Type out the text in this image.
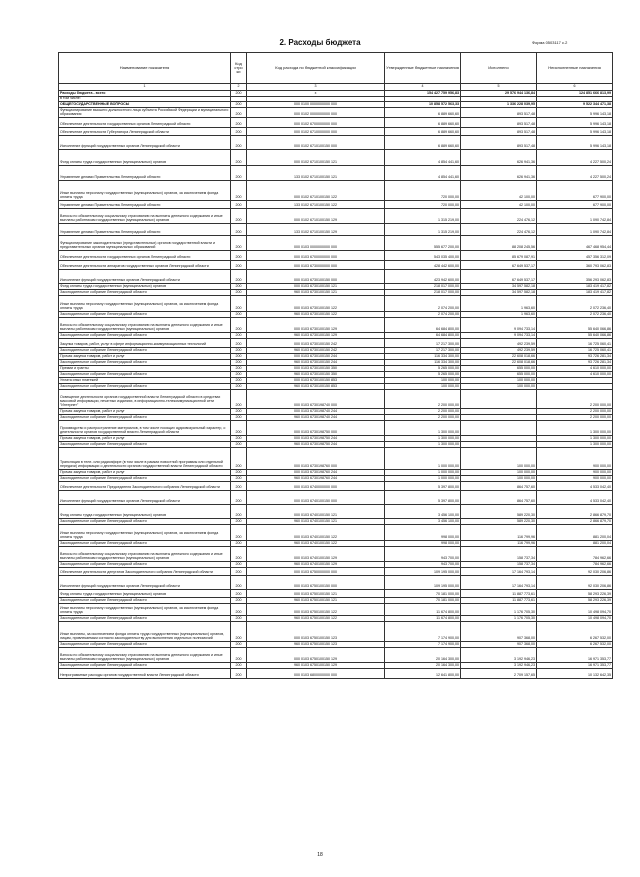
2. Расходы бюджета	Форма 0503117 с.2
Наименование показателя	Код стро ки	Код расхода по бюджетной классификации	Утвержденные бюджетные назначения	Исполнено	Неисполненные назначения
1	2	3	4	5	6
Расходы бюджета - всего	200	x	154 427 759 956,83	29 576 944 136,84	124 851 666 813,99
в том числе:					
ОБЩЕГОСУДАРСТВЕННЫЕ ВОПРОСЫ	200	000 0100 0000000000 000	10 858 572 563,33	1 336 228 039,95	9 522 344 471,38
Функционирование высшего должностного лица субъекта Российской Федерации и муниципального образования	200	000 0102 0000000000 000	6 889 660,60	893 517,48	5 996 143,18
Обеспечение деятельности государственных органов Ленинградской области	200	000 0102 6700000000 000	6 889 660,60	893 517,48	5 996 143,18
Обеспечение деятельности Губернатора Ленинградской области	200	000 0102 6710000000 000	6 889 660,60	893 517,48	5 996 143,18
Исполнение функций государственных органов Ленинградской области	200	000 0102 6710100150 000	6 889 660,60	893 517,48	5 996 143,18
Фонд оплаты труда государственных (муниципальных) органов	200	000 0102 6710100150 121	4 854 441,60	626 941,36	4 227 500,24
Управление делами Правительства Ленинградской области	200	133 0102 6710100150 121	4 854 441,60	626 941,36	4 227 500,24
Иные выплаты персоналу государственных (муниципальных) органов, за исключением фонда оплаты труда	200	000 0102 6710100150 122	720 000,00	42 100,00	677 900,00
Управление делами Правительства Ленинградской области	200	133 0102 6710100150 122	720 000,00	42 100,00	677 900,00
Взносы по обязательному социальному страхованию на выплаты денежного содержания и иные выплаты работникам государственных (муниципальных) органов	200	000 0102 6710100150 129	1 315 219,00	224 476,12	1 090 742,84
Управление делами Правительства Ленинградской области	200	133 0102 6710100150 129	1 315 219,00	224 476,12	1 090 742,84
Функционирование законодательных (представительных) органов государственной власти и представительных органов муниципальных образований	200	000 0103 0000000000 000	555 677 200,00	88 208 245,56	467 468 954,44
Обеспечение деятельности государственных органов Ленинградской области	200	000 0103 6700000000 000	543 035 400,00	85 679 087,91	457 356 312,09
Обеспечение деятельности аппаратов государственных органов Ленинградской области	200	000 0103 6730000000 000	428 442 600,00	67 649 537,17	360 793 062,83
Исполнение функций государственных органов Ленинградской области	200	000 0103 6730100150 000	423 942 600,00	67 649 537,17	356 293 062,83
Фонд оплаты труда государственных (муниципальных) органов	200	000 0103 6730100150 121	218 017 000,00	34 597 582,18	183 419 417,82
Законодательное собрание Ленинградской области	200	960 0103 6730100150 121	218 017 000,00	34 597 582,18	183 419 417,82
Иные выплаты персоналу государственных (муниципальных) органов, за исключением фонда оплаты труда	200	000 0103 6730100150 122	2 074 200,00	1 963,60	2 072 236,40
Законодательное собрание Ленинградской области	200	960 0103 6730100150 122	2 074 200,00	1 963,60	2 072 236,40
Взносы по обязательному социальному страхованию на выплаты денежного содержания и иные выплаты работникам государственных (муниципальных) органов	200	000 0103 6730100150 129	64 684 800,00	9 094 733,14	55 640 066,86
Законодательное собрание Ленинградской области	200	960 0103 6730100150 129	64 684 800,00	9 094 733,14	55 640 066,86
Закупка товаров, работ, услуг в сфере информационно-коммуникационных технологий	200	000 0103 6730100150 242	17 217 300,00	492 239,59	16 725 060,41
Законодательное собрание Ленинградской области	200	960 0103 6730100150 242	17 217 300,00	492 239,59	16 725 060,41
Прочая закупка товаров, работ и услуг	200	000 0103 6730100150 244	116 334 300,00	22 608 018,66	93 726 281,34
Законодательное собрание Ленинградской области	200	960 0103 6730100150 244	116 334 300,00	22 608 018,66	93 726 281,34
Премии и гранты	200	000 0103 6730100150 350	5 265 000,00	655 000,00	4 610 000,00
Законодательное собрание Ленинградской области	200	960 0103 6730100150 350	5 265 000,00	655 000,00	4 610 000,00
Уплата иных платежей	200	000 0103 6730100150 853	100 000,00	100 000,00	
Законодательное собрание Ленинградской области	200	960 0103 6730100150 853	100 000,00	100 000,00	
Освещение деятельности органов государственной власти Ленинградской области в средствах массовой информации, печатных изданиях, в информационно-телекоммуникационной сети "Интернет"	200	000 0103 6730198740 000	2 200 000,00		2 200 000,00
Прочая закупка товаров, работ и услуг	200	000 0103 6730198740 244	2 200 000,00		2 200 000,00
Законодательное собрание Ленинградской области	200	960 0103 6730198740 244	2 200 000,00		2 200 000,00
Производство и распространение материалов, в том числе носящих аудиовизуальный характер, о деятельности органов государственной власти Ленинградской области	200	000 0103 6730198750 000	1 300 000,00		1 300 000,00
Прочая закупка товаров, работ и услуг	200	000 0103 6730198750 244	1 300 000,00		1 300 000,00
Законодательное собрание Ленинградской области	200	960 0103 6730198750 244	1 300 000,00		1 300 000,00
Трансляция в теле- или радиоэфире (в том числе в рамках новостной программы или отдельной передачи) информации о деятельности органов государственной власти Ленинградской области	200	000 0103 6730198760 000	1 000 000,00	100 000,00	900 000,00
Прочая закупка товаров, работ и услуг	200	000 0103 6730198760 244	1 000 000,00	100 000,00	900 000,00
Законодательное собрание Ленинградской области	200	960 0103 6730198760 244	1 000 000,00	100 000,00	900 000,00
Обеспечение деятельности Председателя Законодательного собрания Ленинградской области	200	000 0103 6740000000 000	5 397 800,00	864 757,60	4 533 042,40
Исполнение функций государственных органов Ленинградской области	200	000 0103 6740100150 000	5 397 800,00	864 757,60	4 533 042,40
Фонд оплаты труда государственных (муниципальных) органов	200	000 0103 6740100150 121	3 456 100,00	589 220,30	2 866 879,70
Законодательное собрание Ленинградской области	200	960 0103 6740100150 121	3 456 100,00	589 220,30	2 866 879,70
Иные выплаты персоналу государственных (муниципальных) органов, за исключением фонда оплаты труда	200	000 0103 6740100150 122	998 000,00	116 799,96	881 200,04
Законодательное собрание Ленинградской области	200	960 0103 6740100150 122	998 000,00	116 799,96	881 200,04
Взносы по обязательному социальному страхованию на выплаты денежного содержания и иные выплаты работникам государственных (муниципальных) органов	200	000 0103 6740100150 129	943 700,00	158 737,34	784 962,66
Законодательное собрание Ленинградской области	200	960 0103 6740100150 129	943 700,00	158 737,34	784 962,66
Обеспечение деятельности депутатов Законодательного собрания Ленинградской области	200	000 0103 6750000000 000	109 195 000,00	17 164 793,14	92 030 206,86
Исполнение функций государственных органов Ленинградской области	200	000 0103 6750100150 000	109 195 000,00	17 164 793,14	92 030 206,86
Фонд оплаты труда государственных (муниципальных) органов	200	000 0103 6750100150 121	70 181 000,00	11 887 773,61	58 293 226,39
Законодательное собрание Ленинградской области	200	960 0103 6750100150 121	70 181 000,00	11 887 773,61	58 293 226,39
Иные выплаты персоналу государственных (муниципальных) органов, за исключением фонда оплаты труда	200	000 0103 6750100150 122	11 674 800,00	1 176 705,30	10 498 094,70
Законодательное собрание Ленинградской области	200	960 0103 6750100150 122	11 674 800,00	1 176 705,30	10 498 094,70
Иные выплаты, за исключением фонда оплаты труда государственных (муниципальных) органов, лицам, привлекаемым согласно законодательству для выполнения отдельных полномочий	200	000 0103 6750100150 123	7 174 900,00	907 368,00	6 267 532,00
Законодательное собрание Ленинградской области	200	960 0103 6750100150 123	7 174 900,00	907 368,00	6 267 532,00
Взносы по обязательному социальному страхованию на выплаты денежного содержания и иные выплаты работникам государственных (муниципальных) органов	200	000 0103 6750100150 129	20 164 300,00	3 192 946,23	16 971 353,77
Законодательное собрание Ленинградской области	200	960 0103 6750100150 129	20 164 300,00	3 192 946,23	16 971 353,77
Непрограммные расходы органов государственной власти Ленинградской области	200	000 0103 6800000000 000	12 641 800,00	2 709 157,65	10 132 642,35
18
